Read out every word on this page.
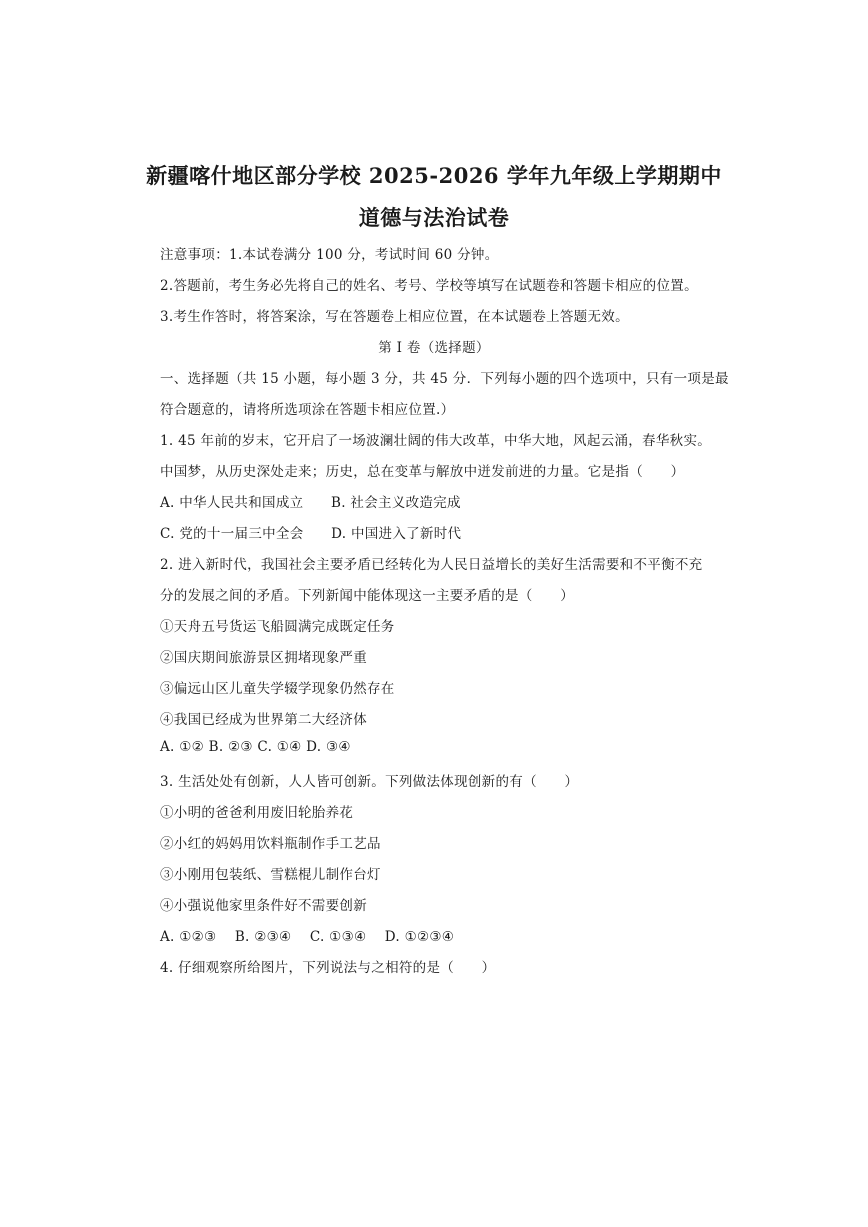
新疆喀什地区部分学校 2025-2026 学年九年级上学期期中
道德与法治试卷
注意事项：1.本试卷满分 100 分，考试时间 60 分钟。
2.答题前，考生务必先将自己的姓名、考号、学校等填写在试题卷和答题卡相应的位置。
3.考生作答时，将答案涂，写在答题卷上相应位置，在本试题卷上答题无效。
第 I 卷（选择题）
一、选择题（共 15 小题，每小题 3 分，共 45 分．下列每小题的四个选项中，只有一项是最
符合题意的，请将所选项涂在答题卡相应位置.）
1. 45 年前的岁末，它开启了一场波澜壮阔的伟大改革，中华大地，风起云涌，春华秋实。
中国梦，从历史深处走来；历史，总在变革与解放中迸发前进的力量。它是指（　　）
A. 中华人民共和国成立　　B. 社会主义改造完成
C. 党的十一届三中全会　　D. 中国进入了新时代
2. 进入新时代，我国社会主要矛盾已经转化为人民日益增长的美好生活需要和不平衡不充
分的发展之间的矛盾。下列新闻中能体现这一主要矛盾的是（　　）
①天舟五号货运飞船圆满完成既定任务
②国庆期间旅游景区拥堵现象严重
③偏远山区儿童失学辍学现象仍然存在
④我国已经成为世界第二大经济体
A. ①② B. ②③ C. ①④ D. ③④
3. 生活处处有创新，人人皆可创新。下列做法体现创新的有（　　）
①小明的爸爸利用废旧轮胎养花
②小红的妈妈用饮料瓶制作手工艺品
③小刚用包装纸、雪糕棍儿制作台灯
④小强说他家里条件好不需要创新
A. ①②③　 B. ②③④　 C. ①③④　 D. ①②③④
4. 仔细观察所给图片，下列说法与之相符的是（　　）
